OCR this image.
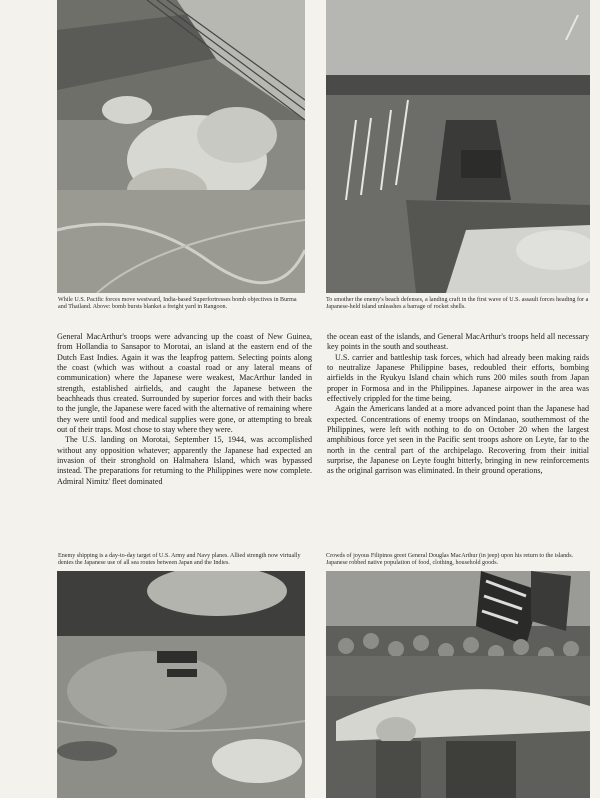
While U.S. Pacific forces move westward, India-based Superfortresses bomb objectives in Burma and Thailand. Above: bomb bursts blanket a freight yard in Rangoon.

To smother the enemy's beach defenses, a landing craft in the first wave of U.S. assault forces heading for a Japanese-held island unleashes a barrage of rocket shells.

General MacArthur's troops were advancing up the coast of New Guinea, from Hollandia to Sansapor to Morotai, an island at the eastern end of the Dutch East Indies. Again it was the leapfrog pattern. Selecting points along the coast (which was without a coastal road or any lateral means of communication) where the Japanese were weakest, MacArthur landed in strength, established airfields, and caught the Japanese between the beachheads thus created. Surrounded by superior forces and with their backs to the jungle, the Japanese were faced with the alternative of remaining where they were until food and medical supplies were gone, or attempting to break out of their traps. Most chose to stay where they were.

The U.S. landing on Morotai, September 15, 1944, was accomplished without any opposition whatever; apparently the Japanese had expected an invasion of their stronghold on Halmahera Island, which was bypassed instead. The preparations for returning to the Philippines were now complete. Admiral Nimitz' fleet dominated

the ocean east of the islands, and General MacArthur's troops held all necessary key points in the south and southeast.

U.S. carrier and battleship task forces, which had already been making raids to neutralize Japanese Philippine bases, redoubled their efforts, bombing airfields in the Ryukyu Island chain which runs 200 miles south from Japan proper in Formosa and in the Philippines. Japanese airpower in the area was effectively crippled for the time being.

Again the Americans landed at a more advanced point than the Japanese had expected. Concentrations of enemy troops on Mindanao, southernmost of the Philippines, were left with nothing to do on October 20 when the largest amphibious force yet seen in the Pacific sent troops ashore on Leyte, far to the north in the central part of the archipelago. Recovering from their initial surprise, the Japanese on Leyte fought bitterly, bringing in new reinforcements as the original garrison was eliminated. In their ground operations,

Enemy shipping is a day-to-day target of U.S. Army and Navy planes. Allied strength now virtually denies the Japanese use of all sea routes between Japan and the Indies.

Crowds of joyous Filipinos greet General Douglas MacArthur (in jeep) upon his return to the islands. Japanese robbed native population of food, clothing, household goods.
